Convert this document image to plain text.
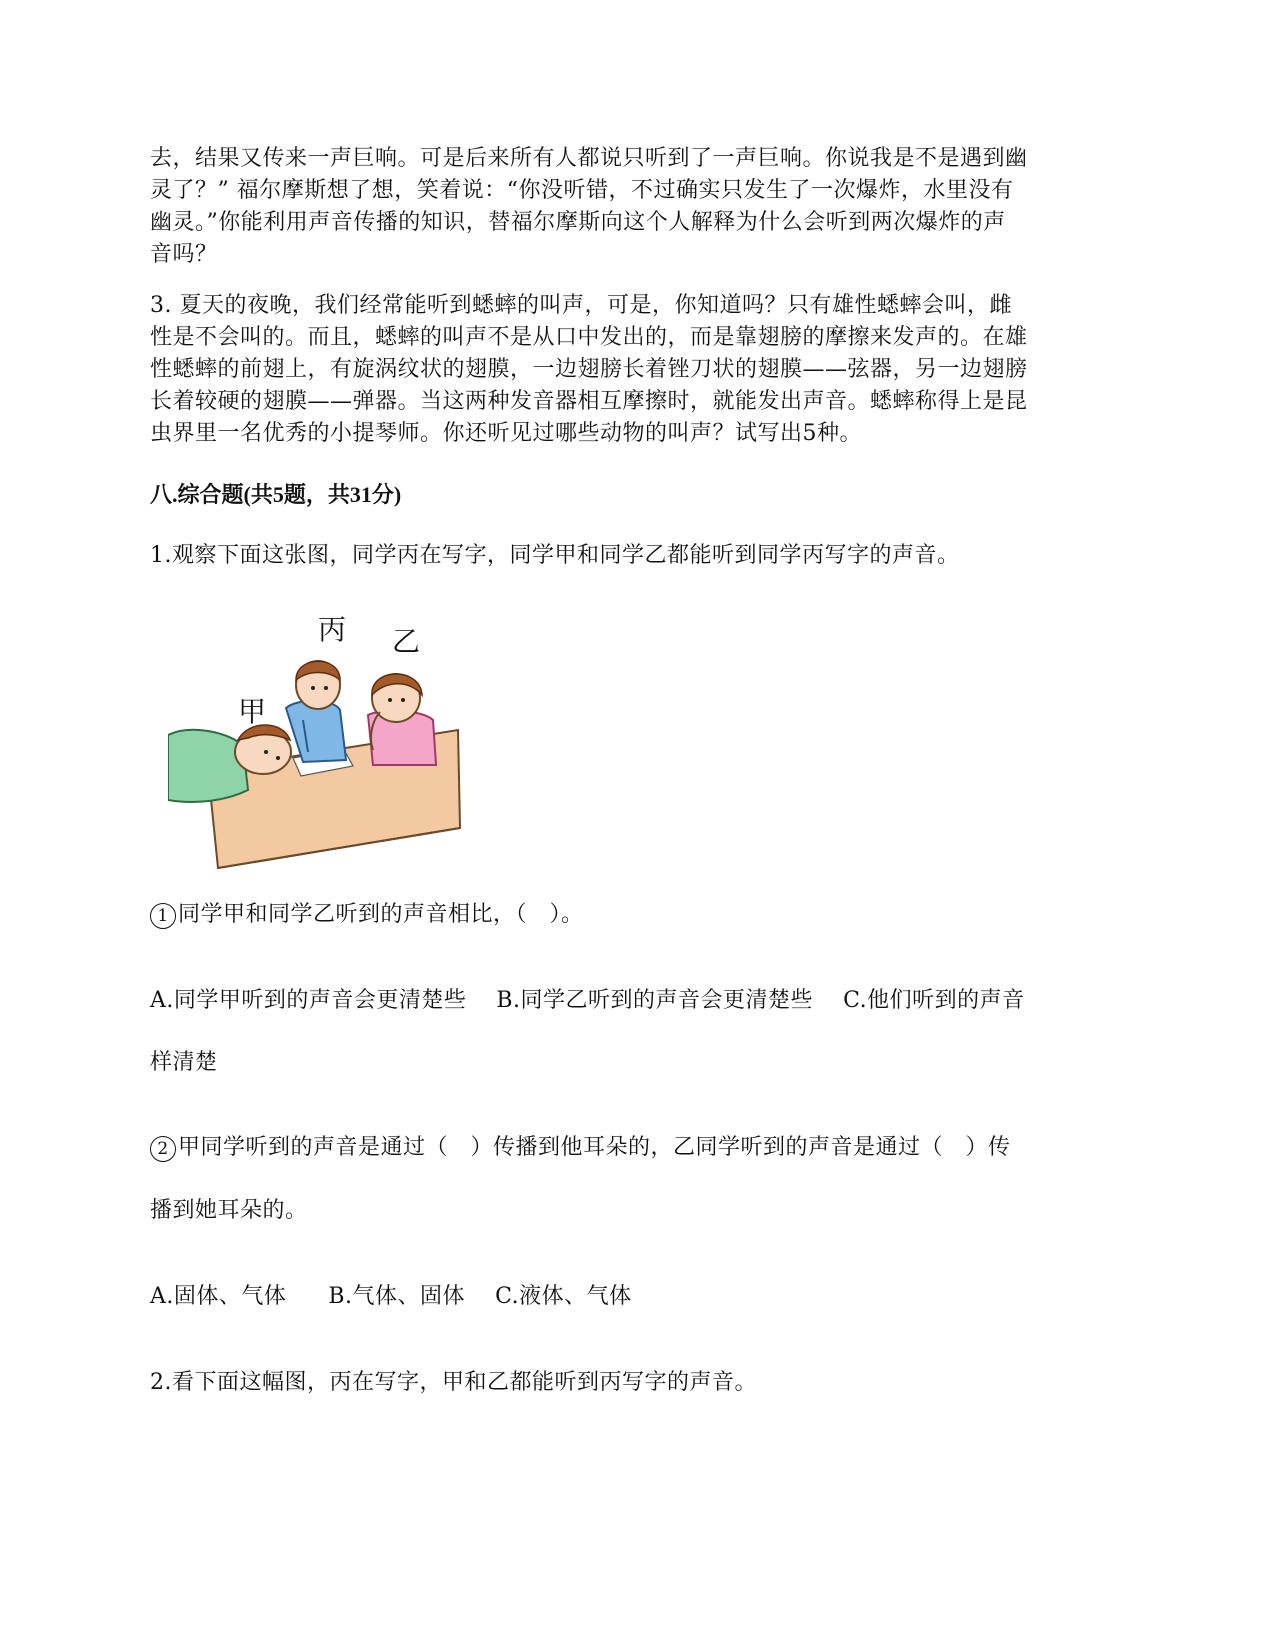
去，结果又传来一声巨响。可是后来所有人都说只听到了一声巨响。你说我是不是遇到幽
灵了？” 福尔摩斯想了想，笑着说：“你没听错，不过确实只发生了一次爆炸，水里没有
幽灵。”你能利用声音传播的知识，替福尔摩斯向这个人解释为什么会听到两次爆炸的声
音吗？
3. 夏天的夜晚，我们经常能听到蟋蟀的叫声，可是，你知道吗？只有雄性蟋蟀会叫，雌
性是不会叫的。而且，蟋蟀的叫声不是从口中发出的，而是靠翅膀的摩擦来发声的。在雄
性蟋蟀的前翅上，有旋涡纹状的翅膜，一边翅膀长着锉刀状的翅膜——弦器，另一边翅膀
长着较硬的翅膜——弹器。当这两种发音器相互摩擦时，就能发出声音。蟋蟀称得上是昆
虫界里一名优秀的小提琴师。你还听见过哪些动物的叫声？试写出5种。
八.综合题(共5题，共31分)
1.观察下面这张图，同学丙在写字，同学甲和同学乙都能听到同学丙写字的声音。
丙 乙
甲
1 同学甲和同学乙听到的声音相比，（　）。
A.同学甲听到的声音会更清楚些 B.同学乙听到的声音会更清楚些 C.他们听到的声音
样清楚
2 甲同学听到的声音是通过（　）传播到他耳朵的，乙同学听到的声音是通过（　）传
播到她耳朵的。
A.固体、气体 B.气体、固体 C.液体、气体
2.看下面这幅图，丙在写字，甲和乙都能听到丙写字的声音。
